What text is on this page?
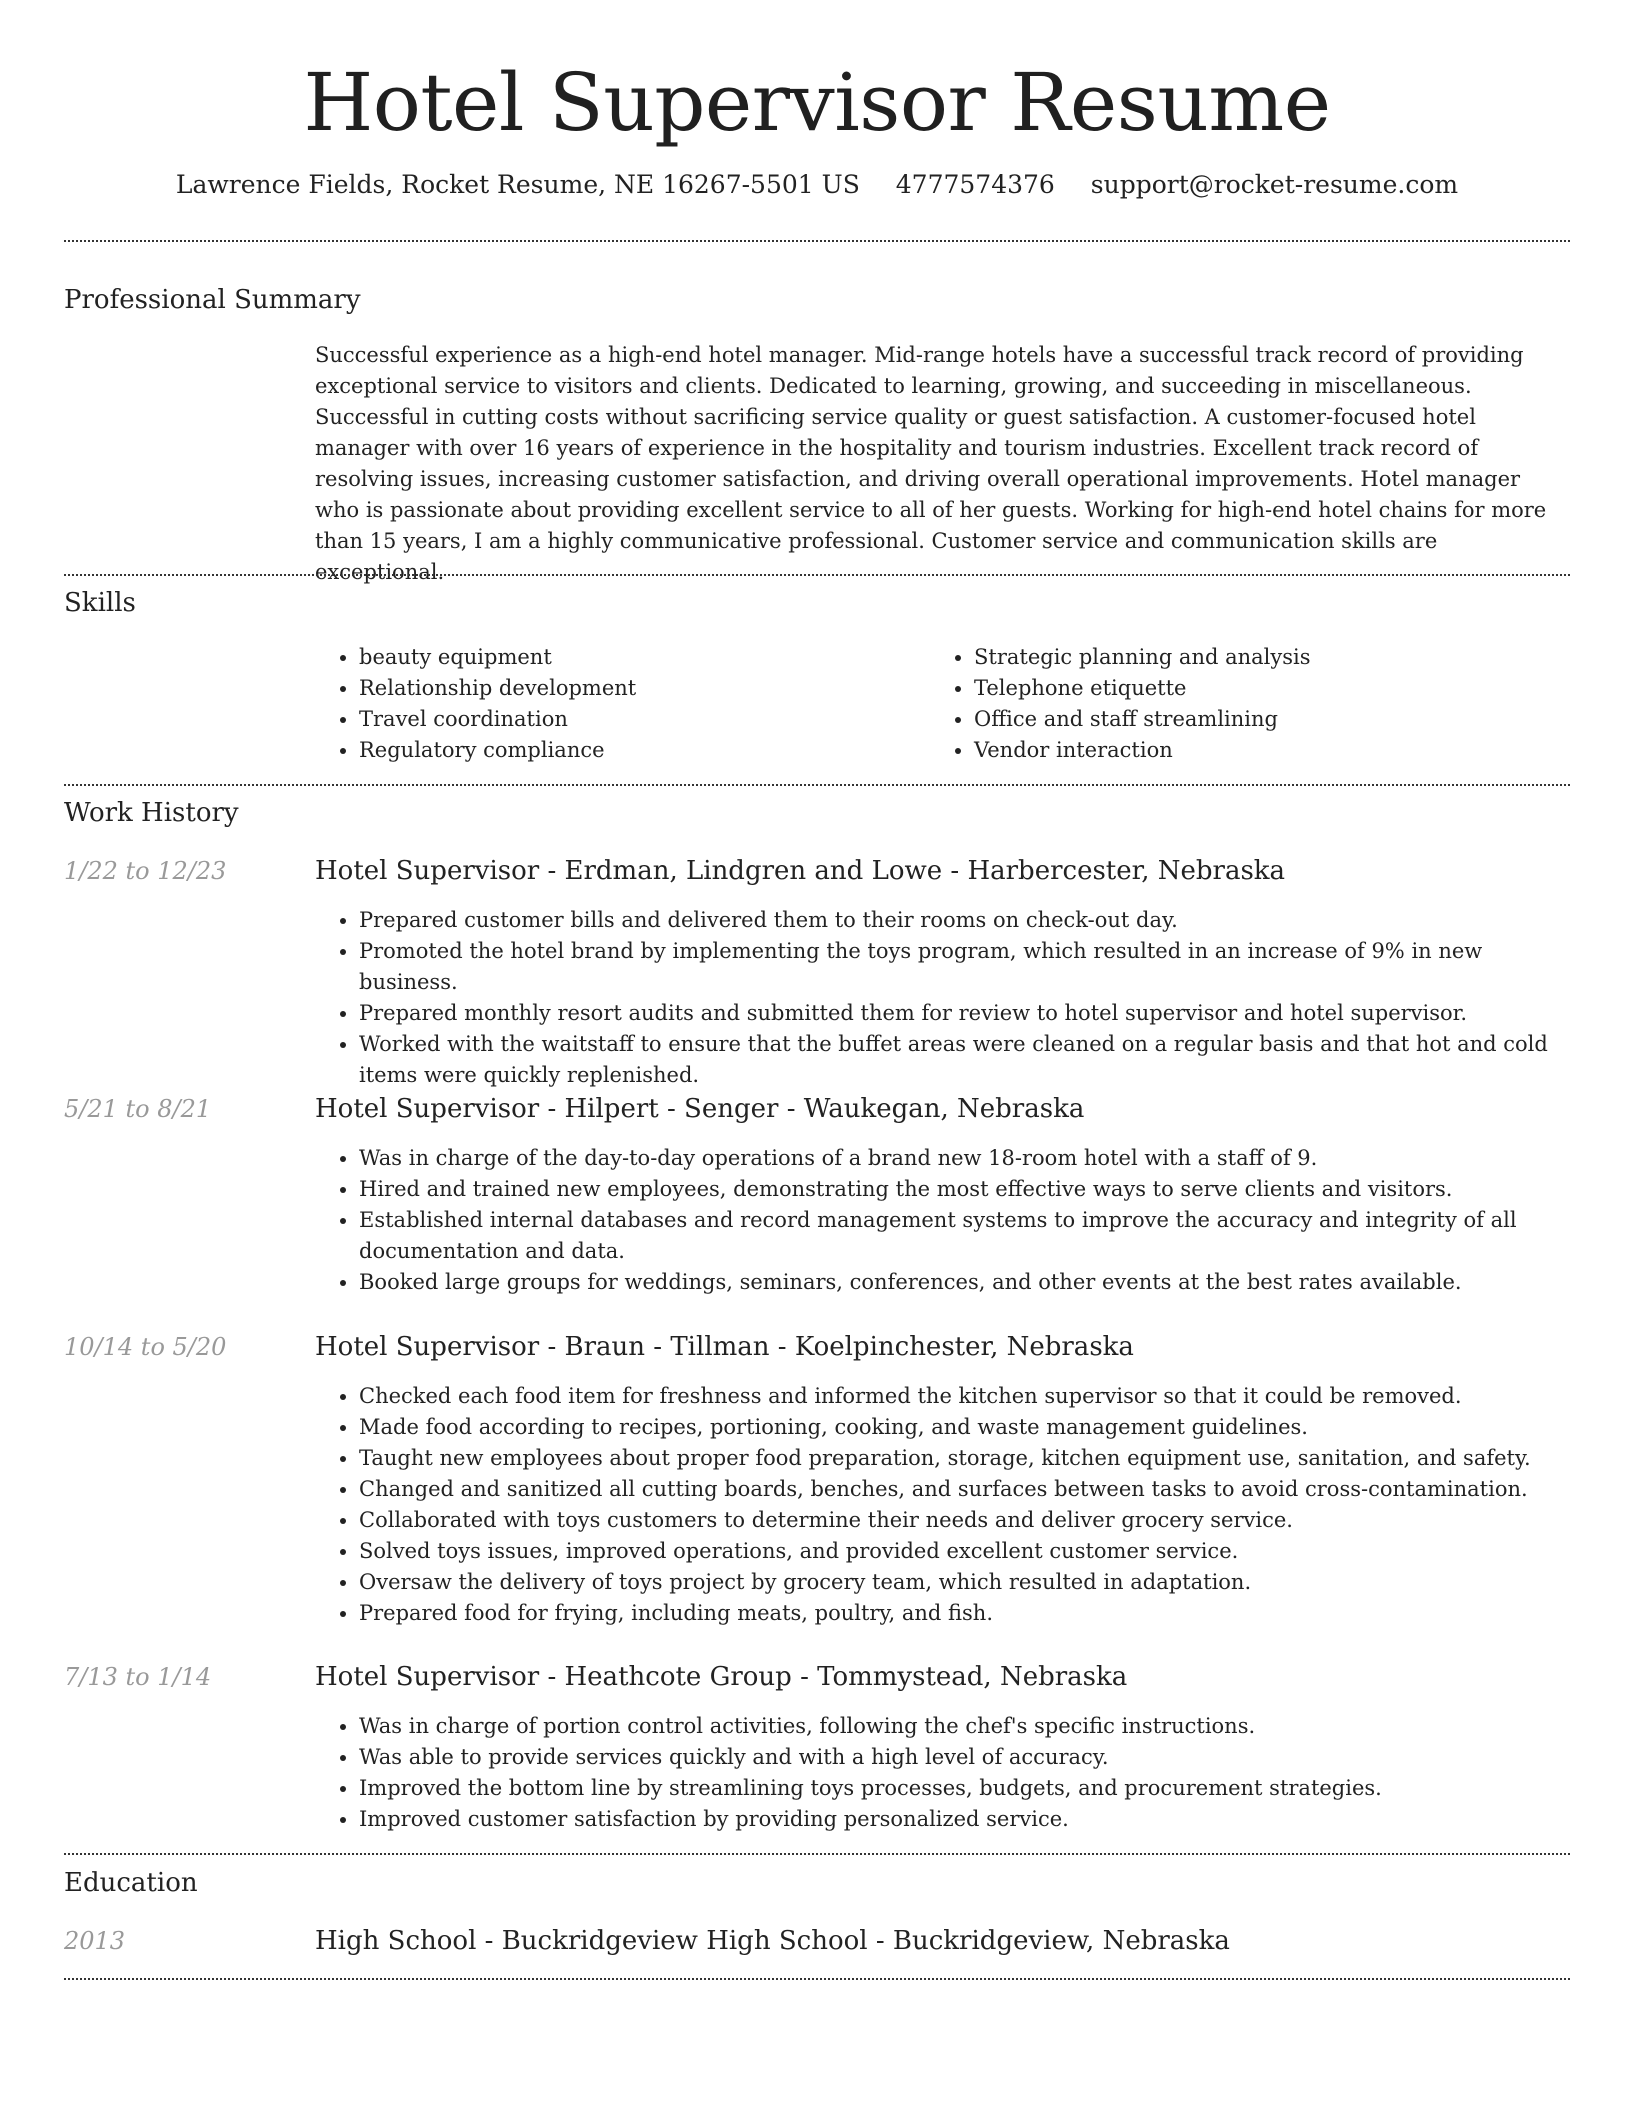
Hotel Supervisor Resume
Lawrence Fields, Rocket Resume, NE 16267-5501 US 4777574376 support@rocket-resume.com
Professional Summary
Successful experience as a high-end hotel manager. Mid-range hotels have a successful track record of providing exceptional service to visitors and clients. Dedicated to learning, growing, and succeeding in miscellaneous. Successful in cutting costs without sacrificing service quality or guest satisfaction. A customer-focused hotel manager with over 16 years of experience in the hospitality and tourism industries. Excellent track record of resolving issues, increasing customer satisfaction, and driving overall operational improvements. Hotel manager who is passionate about providing excellent service to all of her guests. Working for high-end hotel chains for more than 15 years, I am a highly communicative professional. Customer service and communication skills are exceptional.
Skills
• beauty equipment
• Relationship development
• Travel coordination
• Regulatory compliance
• Strategic planning and analysis
• Telephone etiquette
• Office and staff streamlining
• Vendor interaction
Work History
1/22 to 12/23	Hotel Supervisor - Erdman, Lindgren and Lowe - Harbercester, Nebraska
• Prepared customer bills and delivered them to their rooms on check-out day.
• Promoted the hotel brand by implementing the toys program, which resulted in an increase of 9% in new business.
• Prepared monthly resort audits and submitted them for review to hotel supervisor and hotel supervisor.
• Worked with the waitstaff to ensure that the buffet areas were cleaned on a regular basis and that hot and cold items were quickly replenished.
5/21 to 8/21	Hotel Supervisor - Hilpert - Senger - Waukegan, Nebraska
• Was in charge of the day-to-day operations of a brand new 18-room hotel with a staff of 9.
• Hired and trained new employees, demonstrating the most effective ways to serve clients and visitors.
• Established internal databases and record management systems to improve the accuracy and integrity of all documentation and data.
• Booked large groups for weddings, seminars, conferences, and other events at the best rates available.
10/14 to 5/20	Hotel Supervisor - Braun - Tillman - Koelpinchester, Nebraska
• Checked each food item for freshness and informed the kitchen supervisor so that it could be removed.
• Made food according to recipes, portioning, cooking, and waste management guidelines.
• Taught new employees about proper food preparation, storage, kitchen equipment use, sanitation, and safety.
• Changed and sanitized all cutting boards, benches, and surfaces between tasks to avoid cross-contamination.
• Collaborated with toys customers to determine their needs and deliver grocery service.
• Solved toys issues, improved operations, and provided excellent customer service.
• Oversaw the delivery of toys project by grocery team, which resulted in adaptation.
• Prepared food for frying, including meats, poultry, and fish.
7/13 to 1/14	Hotel Supervisor - Heathcote Group - Tommystead, Nebraska
• Was in charge of portion control activities, following the chef's specific instructions.
• Was able to provide services quickly and with a high level of accuracy.
• Improved the bottom line by streamlining toys processes, budgets, and procurement strategies.
• Improved customer satisfaction by providing personalized service.
Education
2013	High School - Buckridgeview High School - Buckridgeview, Nebraska
